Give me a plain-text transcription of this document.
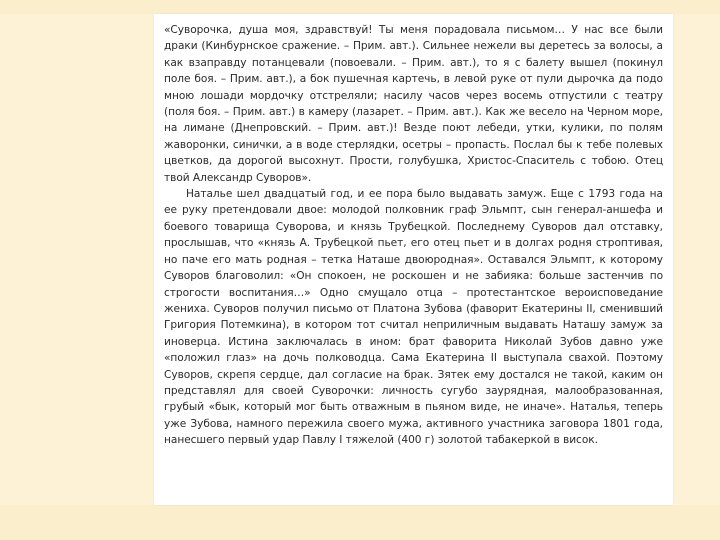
«Суворочка, душа моя, здравствуй! Ты меня порадовала письмом… У нас все были драки (Кинбурнское сражение. – Прим. авт.). Сильнее нежели вы деретесь за волосы, а как взаправду потанцевали (повоевали. – Прим. авт.), то я с балету вышел (покинул поле боя. – Прим. авт.), а бок пушечная картечь, в левой руке от пули дырочка да подо мною лошади мордочку отстреляли; насилу часов через восемь отпустили с театру (поля боя. – Прим. авт.) в камеру (лазарет. – Прим. авт.). Как же весело на Черном море, на лимане (Днепровский. – Прим. авт.)! Везде поют лебеди, утки, кулики, по полям жаворонки, синички, а в воде стерлядки, осетры – пропасть. Послал бы к тебе полевых цветков, да дорогой высохнут. Прости, голубушка, Христос-Спаситель с тобою. Отец твой Александр Суворов».

Наталье шел двадцатый год, и ее пора было выдавать замуж. Еще с 1793 года на ее руку претендовали двое: молодой полковник граф Эльмпт, сын генерал-аншефа и боевого товарища Суворова, и князь Трубецкой. Последнему Суворов дал отставку, прослышав, что «князь А. Трубецкой пьет, его отец пьет и в долгах родня строптивая, но паче его мать родная – тетка Наташе двоюродная». Оставался Эльмпт, к которому Суворов благоволил: «Он спокоен, не роскошен и не забияка: больше застенчив по строгости воспитания…» Одно смущало отца – протестантское вероисповедание жениха. Суворов получил письмо от Платона Зубова (фаворит Екатерины II, сменивший Григория Потемкина), в котором тот считал неприличным выдавать Наташу замуж за иноверца. Истина заключалась в ином: брат фаворита Николай Зубов давно уже «положил глаз» на дочь полководца. Сама Екатерина II выступала свахой. Поэтому Суворов, скрепя сердце, дал согласие на брак. Зятек ему достался не такой, каким он представлял для своей Суворочки: личность сугубо заурядная, малообразованная, грубый «бык, который мог быть отважным в пьяном виде, не иначе». Наталья, теперь уже Зубова, намного пережила своего мужа, активного участника заговора 1801 года, нанесшего первый удар Павлу I тяжелой (400 г) золотой табакеркой в висок.
